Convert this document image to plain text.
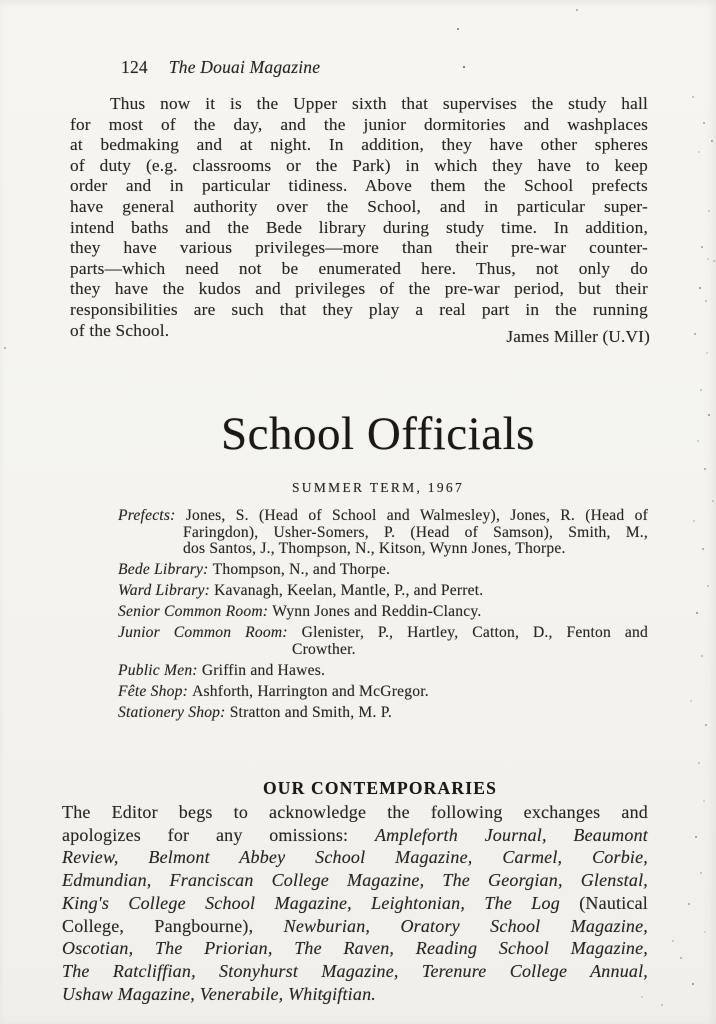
124 The Douai Magazine
Thus now it is the Upper sixth that supervises the study hall
for most of the day, and the junior dormitories and washplaces
at bedmaking and at night. In addition, they have other spheres
of duty (e.g. classrooms or the Park) in which they have to keep
order and in particular tidiness. Above them the School prefects
have general authority over the School, and in particular super-
intend baths and the Bede library during study time. In addition,
they have various privileges—more than their pre-war counter-
parts—which need not be enumerated here. Thus, not only do
they have the kudos and privileges of the pre-war period, but their
responsibilities are such that they play a real part in the running
of the School.	James Miller (U.VI)
School Officials
SUMMER TERM, 1967
Prefects: Jones, S. (Head of School and Walmesley), Jones, R. (Head of
Faringdon), Usher-Somers, P. (Head of Samson), Smith, M.,
dos Santos, J., Thompson, N., Kitson, Wynn Jones, Thorpe.
Bede Library: Thompson, N., and Thorpe.
Ward Library: Kavanagh, Keelan, Mantle, P., and Perret.
Senior Common Room: Wynn Jones and Reddin-Clancy.
Junior Common Room: Glenister, P., Hartley, Catton, D., Fenton and
Crowther.
Public Men: Griffin and Hawes.
Fête Shop: Ashforth, Harrington and McGregor.
Stationery Shop: Stratton and Smith, M. P.
OUR CONTEMPORARIES
The Editor begs to acknowledge the following exchanges and
apologizes for any omissions: Ampleforth Journal, Beaumont
Review, Belmont Abbey School Magazine, Carmel, Corbie,
Edmundian, Franciscan College Magazine, The Georgian, Glenstal,
King's College School Magazine, Leightonian, The Log (Nautical
College, Pangbourne), Newburian, Oratory School Magazine,
Oscotian, The Priorian, The Raven, Reading School Magazine,
The Ratcliffian, Stonyhurst Magazine, Terenure College Annual,
Ushaw Magazine, Venerabile, Whitgiftian.
